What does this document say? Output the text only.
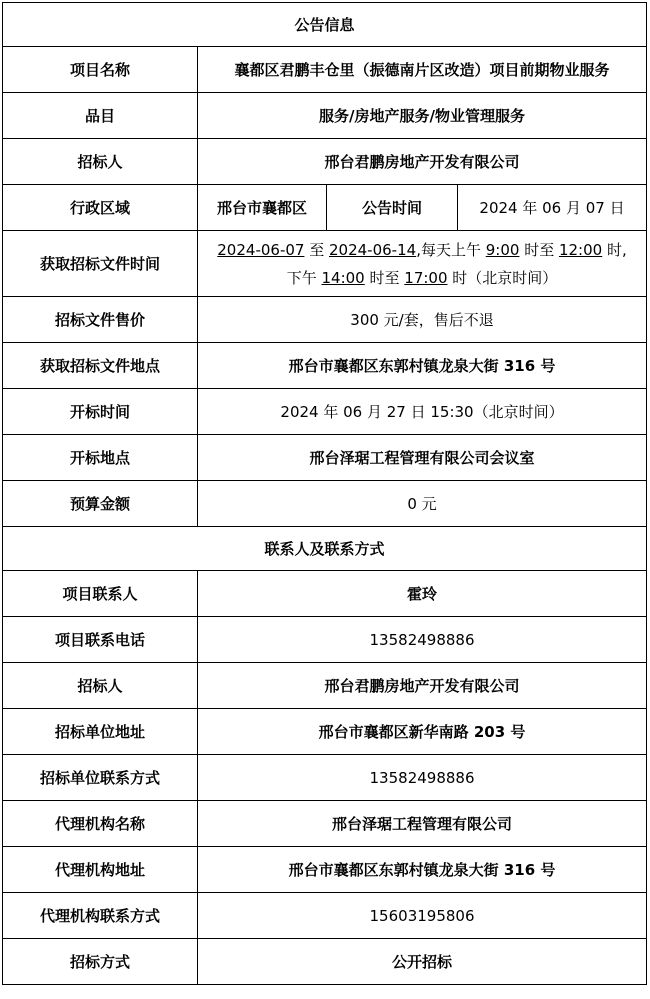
公告信息			
项目名称	襄都区君鹏丰仓里（振德南片区改造）项目前期物业服务		
品目	服务/房地产服务/物业管理服务		
招标人	邢台君鹏房地产开发有限公司		
行政区域	邢台市襄都区	公告时间	2024 年 06 月 07 日
获取招标文件时间	2024-06-07 至 2024-06-14,每天上午 9:00 时至 12:00 时,
下午 14:00 时至 17:00 时（北京时间）		
招标文件售价	300 元/套，售后不退		
获取招标文件地点	邢台市襄都区东郭村镇龙泉大街 316 号		
开标时间	2024 年 06 月 27 日 15:30（北京时间）		
开标地点	邢台泽琚工程管理有限公司会议室		
预算金额	0 元		
联系人及联系方式			
项目联系人	霍玲		
项目联系电话	13582498886		
招标人	邢台君鹏房地产开发有限公司		
招标单位地址	邢台市襄都区新华南路 203 号		
招标单位联系方式	13582498886		
代理机构名称	邢台泽琚工程管理有限公司		
代理机构地址	邢台市襄都区东郭村镇龙泉大街 316 号		
代理机构联系方式	15603195806		
招标方式	公开招标		
